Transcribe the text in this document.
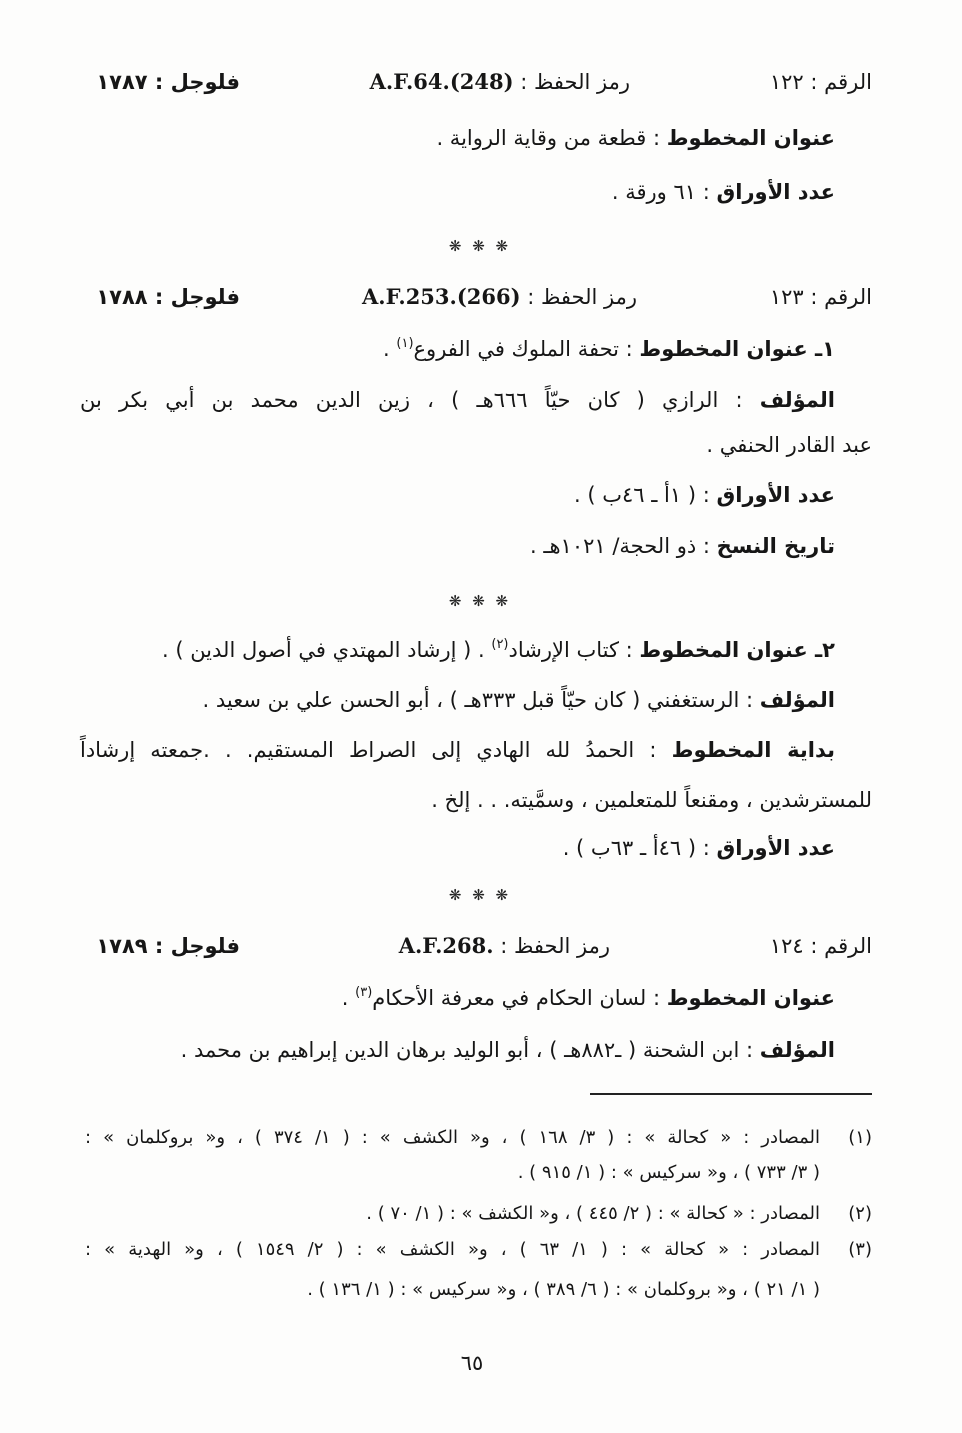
الرقم : ١٢٢
رمز الحفظ : A.F.64.(248)
فلوجل : ١٧٨٧
عنوان المخطوط : قطعة من وقاية الرواية .
عدد الأوراق : ٦١ ورقة .
❋ ❋ ❋
الرقم : ١٢٣
رمز الحفظ : A.F.253.(266)
فلوجل : ١٧٨٨
١ـ عنوان المخطوط : تحفة الملوك في الفروع$^{(١)}$ .
المؤلف : الرازي ( كان حيّاً ٦٦٦هـ ) ، زين الدين محمد بن أبي بكر بن
عبد القادر الحنفي .
عدد الأوراق : ( ١أ ـ ٤٦ب ) .
تاريخ النسخ : ذو الحجة/ ١٠٢١هـ .
❋ ❋ ❋
٢ـ عنوان المخطوط : كتاب الإرشاد$^{(٢)}$ . ( إرشاد المهتدي في أصول الدين ) .
المؤلف : الرستغفني ( كان حيّاً قبل ٣٣٣هـ ) ، أبو الحسن علي بن سعيد .
بداية المخطوط : الحمدُ لله الهادي إلى الصراط المستقيم. . .جمعته إرشاداً
للمسترشدين ، ومقنعاً للمتعلمين ، وسمَّيته. . . إلخ .
عدد الأوراق : ( ٤٦أ ـ ٦٣ب ) .
❋ ❋ ❋
الرقم : ١٢٤
رمز الحفظ : A.F.268.
فلوجل : ١٧٨٩
عنوان المخطوط : لسان الحكام في معرفة الأحكام$^{(٣)}$ .
المؤلف : ابن الشحنة ( ـ٨٨٢هـ ) ، أبو الوليد برهان الدين إبراهيم بن محمد .
(١)
المصادر : « كحالة » : ( ٣/ ١٦٨ ) ، و« الكشف » : ( ١/ ٣٧٤ ) ، و« بروكلمان » :
( ٣/ ٧٣٣ ) ، و« سركيس » : ( ١/ ٩١٥ ) .
(٢)
المصادر : « كحالة » : ( ٢/ ٤٤٥ ) ، و« الكشف » : ( ١/ ٧٠ ) .
(٣)
المصادر : « كحالة » : ( ١/ ٦٣ ) ، و« الكشف » : ( ٢/ ١٥٤٩ ) ، و« الهدية » :
( ١/ ٢١ ) ، و« بروكلمان » : ( ٦/ ٣٨٩ ) ، و« سركيس » : ( ١/ ١٣٦ ) .
٦٥
